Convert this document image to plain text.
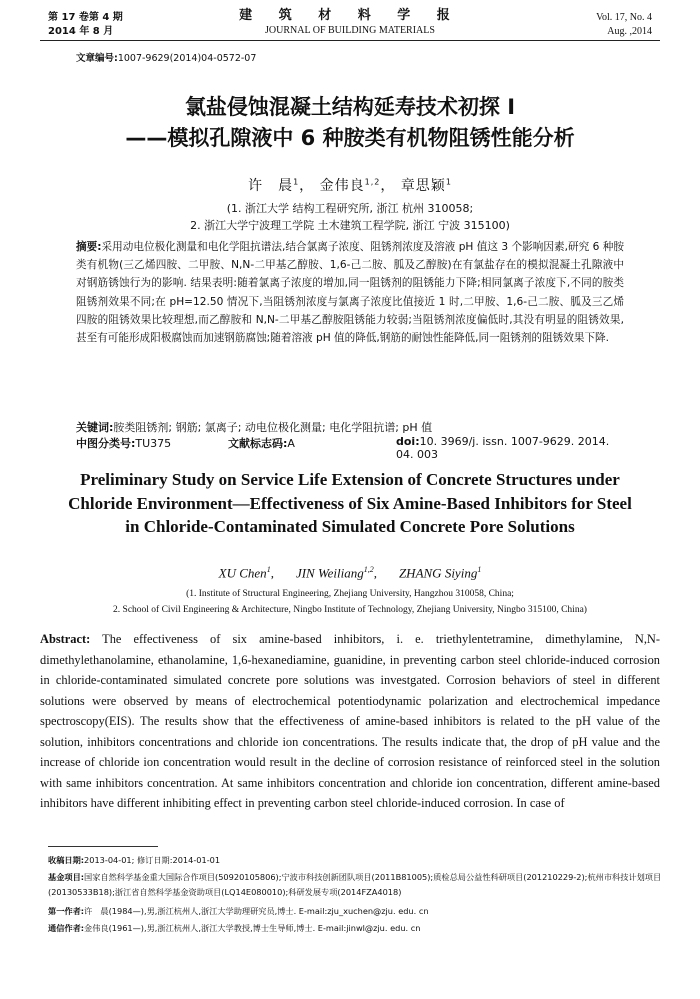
第 17 卷第 4 期
2014 年 8 月
建 筑 材 料 学 报
JOURNAL OF BUILDING MATERIALS
Vol. 17, No. 4
Aug. ,2014
文章编号:1007-9629(2014)04-0572-07
氯盐侵蚀混凝土结构延寿技术初探 I
——模拟孔隙液中 6 种胺类有机物阻锈性能分析
许　晨$^1$， 金伟良$^{1,2}$， 章思颖$^1$
(1. 浙江大学 结构工程研究所, 浙江 杭州 310058;
2. 浙江大学宁波理工学院 土木建筑工程学院, 浙江 宁波 315100)
摘要:采用动电位极化测量和电化学阻抗谱法,结合氯离子浓度、阻锈剂浓度及溶液 pH 值这 3 个影响因素,研究 6 种胺类有机物(三乙烯四胺、二甲胺、N,N-二甲基乙醇胺、1,6-己二胺、胍及乙醇胺)在有氯盐存在的模拟混凝土孔隙液中对钢筋锈蚀行为的影响. 结果表明:随着氯离子浓度的增加,同一阻锈剂的阻锈能力下降;相同氯离子浓度下,不同的胺类阻锈剂效果不同;在 pH=12.50 情况下,当阻锈剂浓度与氯离子浓度比值接近 1 时,二甲胺、1,6-己二胺、胍及三乙烯四胺的阻锈效果比较理想,而乙醇胺和 N,N-二甲基乙醇胺阻锈能力较弱;当阻锈剂浓度偏低时,其没有明显的阻锈效果,甚至有可能形成阳极腐蚀而加速钢筋腐蚀;随着溶液 pH 值的降低,钢筋的耐蚀性能降低,同一阻锈剂的阻锈效果下降.
关键词:胺类阻锈剂; 钢筋; 氯离子; 动电位极化测量; 电化学阻抗谱; pH 值
中图分类号:TU375	文献标志码:A	doi:10. 3969/j. issn. 1007-9629. 2014. 04. 003
Preliminary Study on Service Life Extension of Concrete Structures under Chloride Environment—Effectiveness of Six Amine-Based Inhibitors for Steel in Chloride-Contaminated Simulated Concrete Pore Solutions
XU Chen$^1$, JIN Weiliang$^{1,2}$, ZHANG Siying$^1$
(1. Institute of Structural Engineering, Zhejiang University, Hangzhou 310058, China;
2. School of Civil Engineering & Architecture, Ningbo Institute of Technology, Zhejiang University, Ningbo 315100, China)
Abstract: The effectiveness of six amine-based inhibitors, i. e. triethylentetramine, dimethylamine, N,N-dimethylethanolamine, ethanolamine, 1,6-hexanediamine, guanidine, in preventing carbon steel chloride-induced corrosion in chloride-contaminated simulated concrete pore solutions was investgated. Corrosion behaviors of steel in different solutions were observed by means of electrochemical potentiodynamic polarization and electrochemical impedance spectroscopy(EIS). The results show that the effectiveness of amine-based inhibitors is related to the pH value of the solution, inhibitors concentrations and chloride ion concentrations. The results indicate that, the drop of pH value and the increase of chloride ion concentration would result in the decline of corrosion resistance of reinforced steel in the solution with same inhibitors concentration. At same inhibitors concentration and chloride ion concentration, different amine-based inhibitors have different inhibiting effect in preventing carbon steel chloride-induced corrosion. In case of
收稿日期:2013-04-01; 修订日期:2014-01-01
基金项目:国家自然科学基金重大国际合作项目(50920105806);宁波市科技创新团队项目(2011B81005);质检总局公益性科研项目(201210229-2);杭州市科技计划项目(20130533B18);浙江省自然科学基金资助项目(LQ14E080010);科研发展专项(2014FZA4018)
第一作者:许　晨(1984—),男,浙江杭州人,浙江大学助理研究员,博士. E-mail:zju_xuchen@zju. edu. cn
通信作者:金伟良(1961—),男,浙江杭州人,浙江大学教授,博士生导师,博士. E-mail:jinwl@zju. edu. cn
